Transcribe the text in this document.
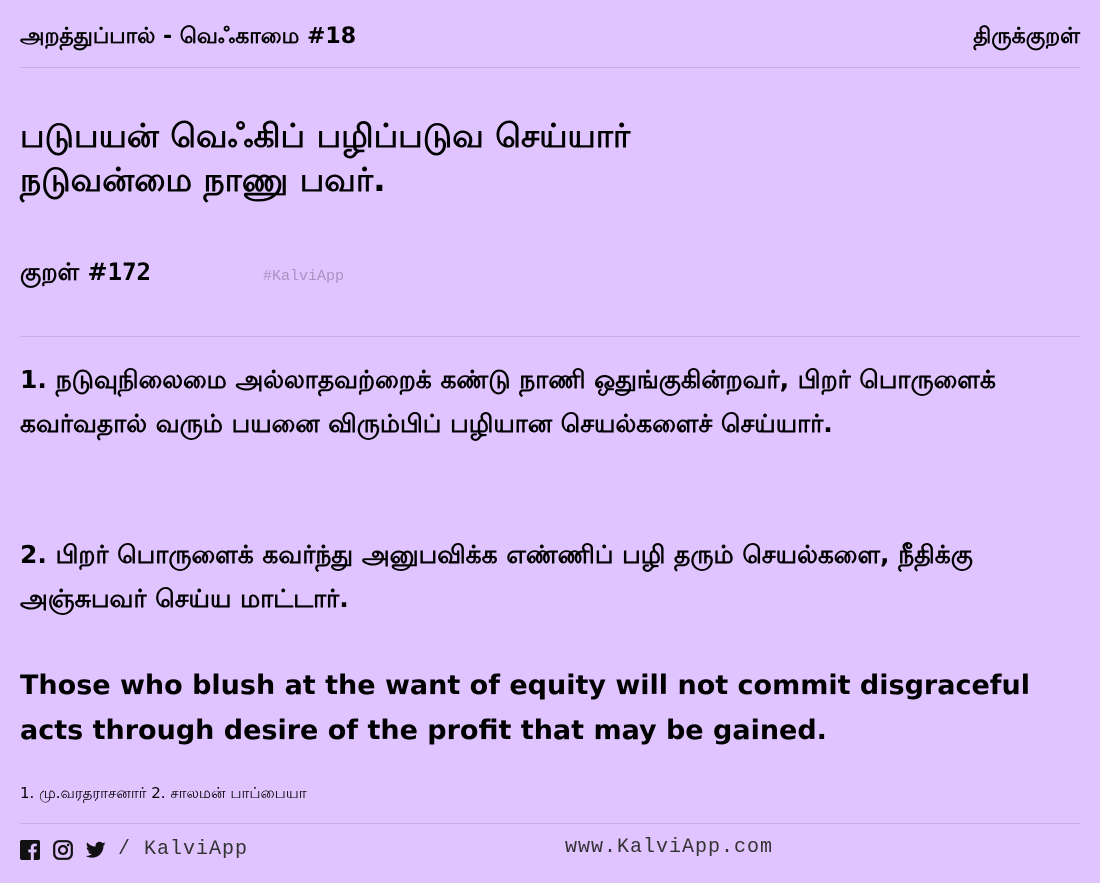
அறத்துப்பால் - வெஃகாமை #18	திருக்குறள்
படுபயன் வெஃகிப் பழிப்படுவ செய்யார்
நடுவன்மை நாணு பவர்.
குறள் #172	#KalviApp
1. நடுவுநிலைமை அல்லாதவற்றைக் கண்டு நாணி ஒதுங்குகின்றவர், பிறர் பொருளைக் கவர்வதால் வரும் பயனை விரும்பிப் பழியான செயல்களைச் செய்யார்.
2. பிறர் பொருளைக் கவர்ந்து அனுபவிக்க எண்ணிப் பழி தரும் செயல்களை, நீதிக்கு அஞ்சுபவர் செய்ய மாட்டார்.
Those who blush at the want of equity will not commit disgraceful acts through desire of the profit that may be gained.
1. மு.வரதராசனார் 2. சாலமன் பாப்பையா
/ KalviApp	www.KalviApp.com
